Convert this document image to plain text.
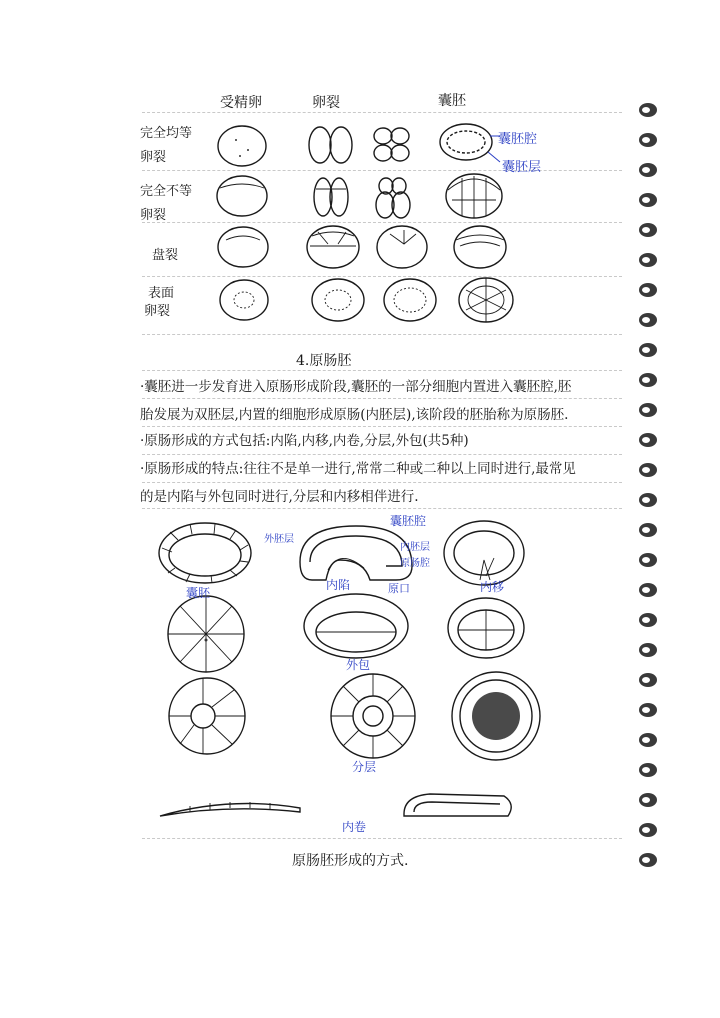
受精卵	卵裂	囊胚
完全均等
卵裂
完全不等
卵裂
盘裂
表面
卵裂
囊胚腔
囊胚层
4.原肠胚
·囊胚进一步发育进入原肠形成阶段,囊胚的一部分细胞内置进入囊胚腔,胚
胎发展为双胚层,内置的细胞形成原肠(内胚层),该阶段的胚胎称为原肠胚.
·原肠形成的方式包括:内陷,内移,内卷,分层,外包(共5种)
·原肠形成的特点:往往不是单一进行,常常二种或二种以上同时进行,最常见
的是内陷与外包同时进行,分层和内移相伴进行.
囊胚
囊胚腔
外胚层
内胚层
原肠腔
内陷	原口	内移
外包
分层
内卷
原肠胚形成的方式.
